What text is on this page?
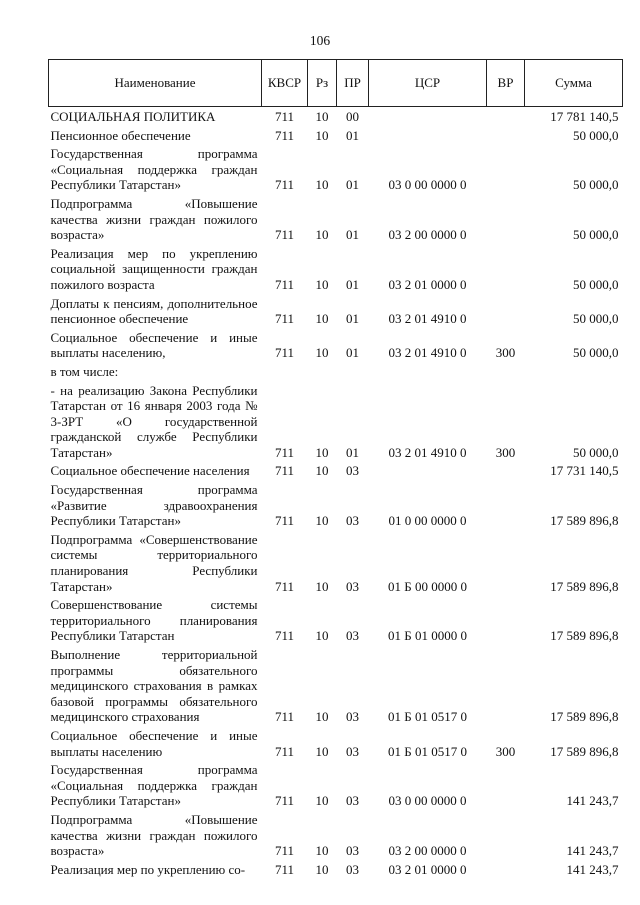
106
Наименование	КВСР	Рз	ПР	ЦСР	ВР	Сумма
СОЦИАЛЬНАЯ ПОЛИТИКА	711	10	00			17 781 140,5
Пенсионное обеспечение	711	10	01			50 000,0
Государственная программа «Социальная поддержка граждан Республики Татарстан»	711	10	01	03 0 00 0000 0		50 000,0
Подпрограмма «Повышение качества жизни граждан пожилого возраста»	711	10	01	03 2 00 0000 0		50 000,0
Реализация мер по укреплению социальной защищенности граждан пожилого возраста	711	10	01	03 2 01 0000 0		50 000,0
Доплаты к пенсиям, дополнительное пенсионное обеспечение	711	10	01	03 2 01 4910 0		50 000,0
Социальное обеспечение и иные выплаты населению,	711	10	01	03 2 01 4910 0	300	50 000,0
в том числе:						
- на реализацию Закона Республики Татарстан от 16 января 2003 года № 3-ЗРТ «О государственной гражданской службе Республики Татарстан»	711	10	01	03 2 01 4910 0	300	50 000,0
Социальное обеспечение населения	711	10	03			17 731 140,5
Государственная программа «Развитие здравоохранения Республики Татарстан»	711	10	03	01 0 00 0000 0		17 589 896,8
Подпрограмма «Совершенствование системы территориального планирования Республики Татарстан»	711	10	03	01 Б 00 0000 0		17 589 896,8
Совершенствование системы территориального планирования Республики Татарстан	711	10	03	01 Б 01 0000 0		17 589 896,8
Выполнение территориальной программы обязательного медицинского страхования в рамках базовой программы обязательного медицинского страхования	711	10	03	01 Б 01 0517 0		17 589 896,8
Социальное обеспечение и иные выплаты населению	711	10	03	01 Б 01 0517 0	300	17 589 896,8
Государственная программа «Социальная поддержка граждан Республики Татарстан»	711	10	03	03 0 00 0000 0		141 243,7
Подпрограмма «Повышение качества жизни граждан пожилого возраста»	711	10	03	03 2 00 0000 0		141 243,7
Реализация мер по укреплению со-	711	10	03	03 2 01 0000 0		141 243,7
